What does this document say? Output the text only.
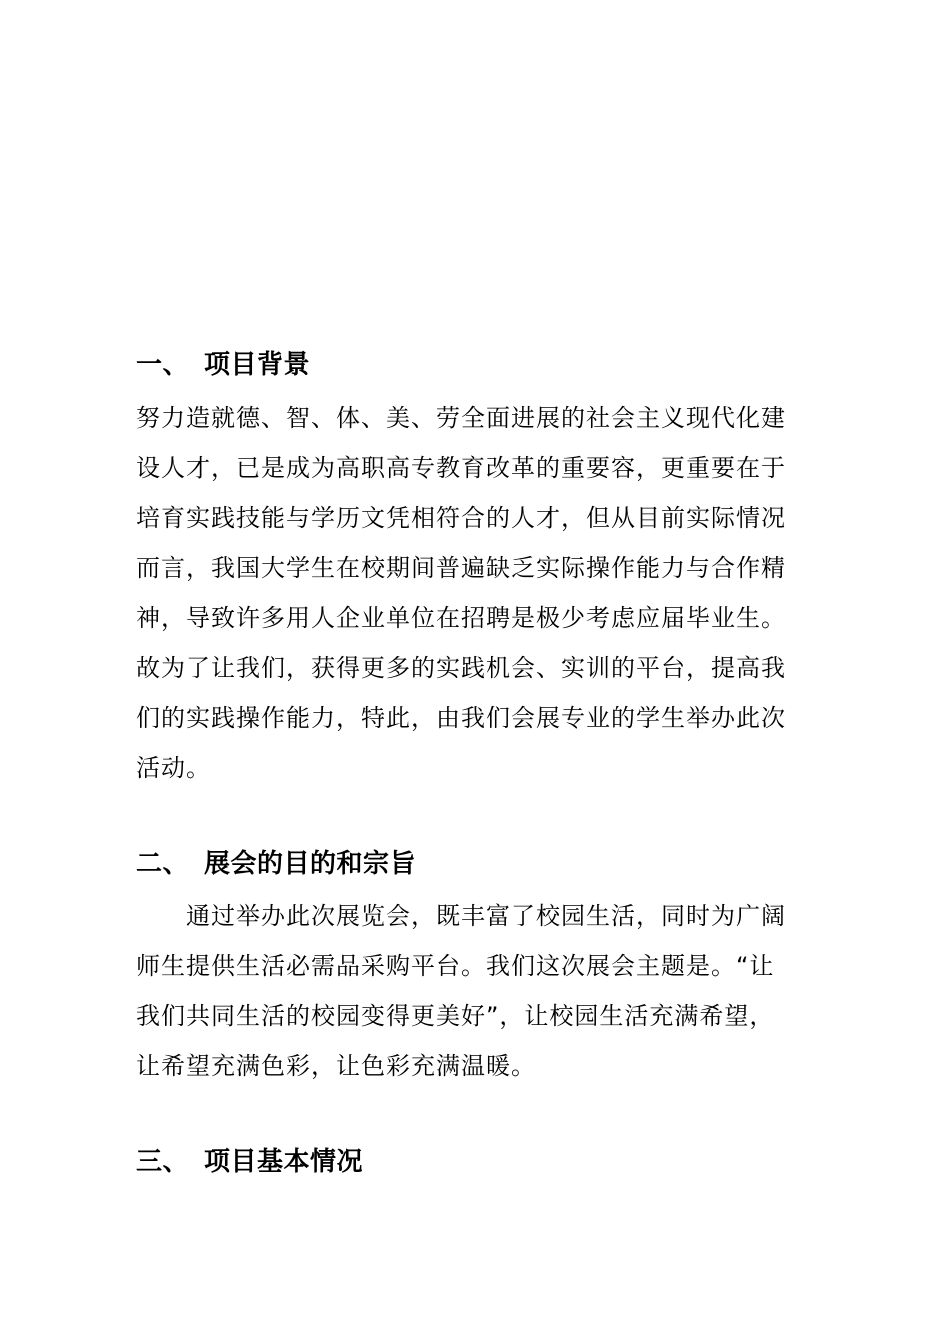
一、 项目背景
努力造就德、智、体、美、劳全面进展的社会主义现代化建
设人才，已是成为高职高专教育改革的重要容，更重要在于
培育实践技能与学历文凭相符合的人才，但从目前实际情况
而言，我国大学生在校期间普遍缺乏实际操作能力与合作精
神，导致许多用人企业单位在招聘是极少考虑应届毕业生。
故为了让我们，获得更多的实践机会、实训的平台，提高我
们的实践操作能力，特此，由我们会展专业的学生举办此次
活动。
二、 展会的目的和宗旨
通过举办此次展览会，既丰富了校园生活，同时为广阔
师生提供生活必需品采购平台。我们这次展会主题是。“让
我们共同生活的校园变得更美好”，让校园生活充满希望，
让希望充满色彩，让色彩充满温暖。
三、 项目基本情况
